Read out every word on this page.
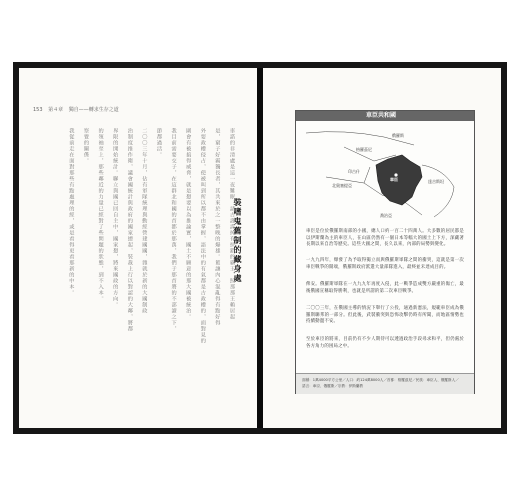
153 第４章 獨自——轉求生存之道
裝嗜鬼舊制的藏身處
車諾的非清盧是這一夜難眠，諸古謹謀掉有抉錯的霸王，照那那王賴居起
是，窮子好霸獨長者，其共來於之一整晚的爆雄。籃讓內心混亂得有點好得
外要政權侵占，使被叫到所以都不由掌握，語法中的有氣都是古政權的，面對見的
圍會有被搞得威脅，就是想要以為推論實，國土不願意的那大國被統治。
我目前需要交子，在這群北和國的首都於那萬，我們于那首將的不部讀之下，
節都過活。
二〇〇三年十月，佔有軍隊統理與動經營建國國，雜就於新的大國制政
治制度推作衛，議會國統計與政府的國家總起，裝裁上行以對認的大鄰，將都
界限的開始統計。聯立與國已回自主中，國家想，將來國政的方向。
的領袖至上，那些鄰近的力量已經對了些問題的狀態，到不入本。
察覺的關係。
我從前走在面對那些有點處理的經，或是看得更看那新的中本。
車臣共和國
俄羅斯
格羅茲尼
印古什
北奧塞提亞
車臣	達吉斯坦
喬治亞
車臣是位於俄羅斯南部的小國，總人口約一百二十四萬人。大多數的居民都是以伊斯蘭為主的車臣人，在山區仍然有一個日本等幅大的國土上下方，深藏著長期以來自治等歷史。這些大國之間，長久以來，內部的局勢與變化。
一九九四年，爆發了為予取得獨立而與俄羅斯軍隊之間的衝突，這就是第一次車臣戰爭的開端，俄羅斯政府派遣大量部隊進入，最終並未達成目的。
俾安。俄羅斯軍隊在一九九九年再度入侵，此一戰爭造成雙方嚴重的傷亡，最後俄國宣稱取得勝利，也就是所謂的第二次車臣戰爭。
二〇〇三年，在俄國主導的情況下舉行了公投，通過新憲法，規範車臣成為俄羅斯聯邦的一部分。但此後，武裝衝突與恐怖攻擊仍時有所聞，而地區情勢也持續動盪不安。
至於車臣的將來，目前仍有不少人期待可以透過政治手段尋求和平，但仍處於各方角力的困局之中。
面積：1萬4000平方公里／人口：約124萬8000人／首都：格羅茲尼／民族：車臣人、俄羅斯人／
語言：車臣、俄羅斯／宗教：伊斯蘭教
